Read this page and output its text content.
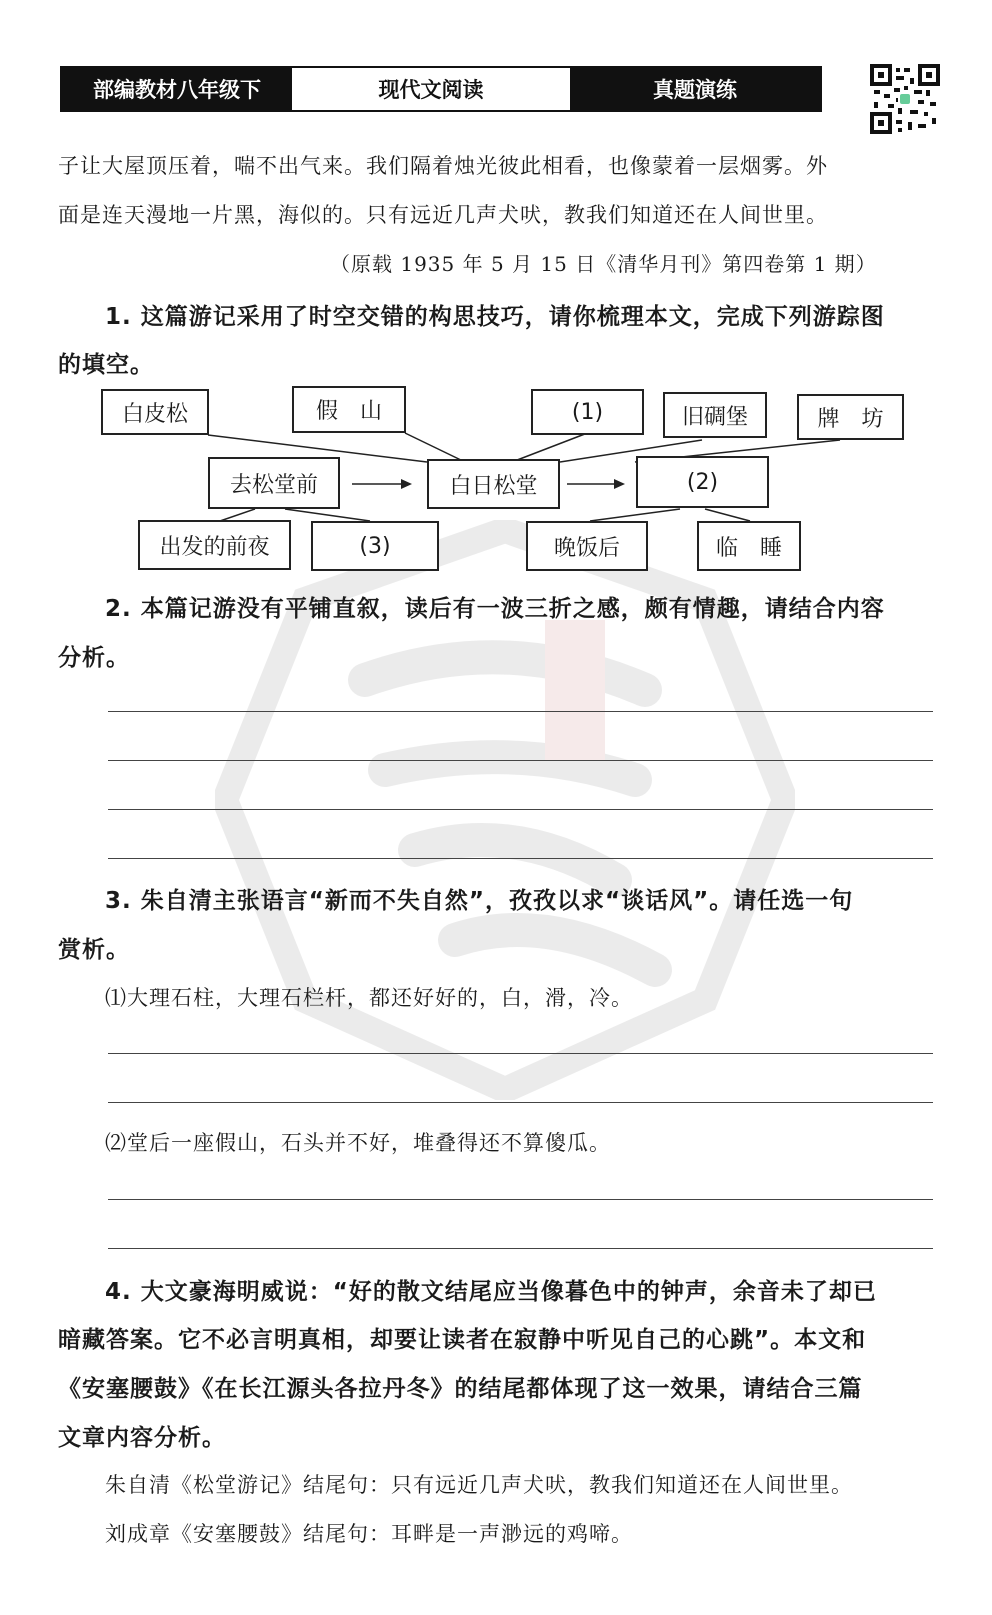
部编教材八年级下	现代文阅读	真题演练
子让大屋顶压着，喘不出气来。我们隔着烛光彼此相看，也像蒙着一层烟雾。外
面是连天漫地一片黑，海似的。只有远近几声犬吠，教我们知道还在人间世里。
（原载 1935 年 5 月 15 日《清华月刊》第四卷第 1 期）
1. 这篇游记采用了时空交错的构思技巧，请你梳理本文，完成下列游踪图
的填空。
白皮松	假　山	(1)	旧碉堡	牌　坊
去松堂前	白日松堂	(2)
出发的前夜	(3)	晚饭后	临　睡
2. 本篇记游没有平铺直叙，读后有一波三折之感，颇有情趣，请结合内容
分析。
3. 朱自清主张语言“新而不失自然”，孜孜以求“谈话风”。请任选一句
赏析。
⑴大理石柱，大理石栏杆，都还好好的，白，滑，冷。
⑵堂后一座假山，石头并不好，堆叠得还不算傻瓜。
4. 大文豪海明威说：“好的散文结尾应当像暮色中的钟声，余音未了却已
暗藏答案。它不必言明真相，却要让读者在寂静中听见自己的心跳”。本文和
《安塞腰鼓》《在长江源头各拉丹冬》的结尾都体现了这一效果，请结合三篇
文章内容分析。
朱自清《松堂游记》结尾句：只有远近几声犬吠，教我们知道还在人间世里。
刘成章《安塞腰鼓》结尾句：耳畔是一声渺远的鸡啼。
